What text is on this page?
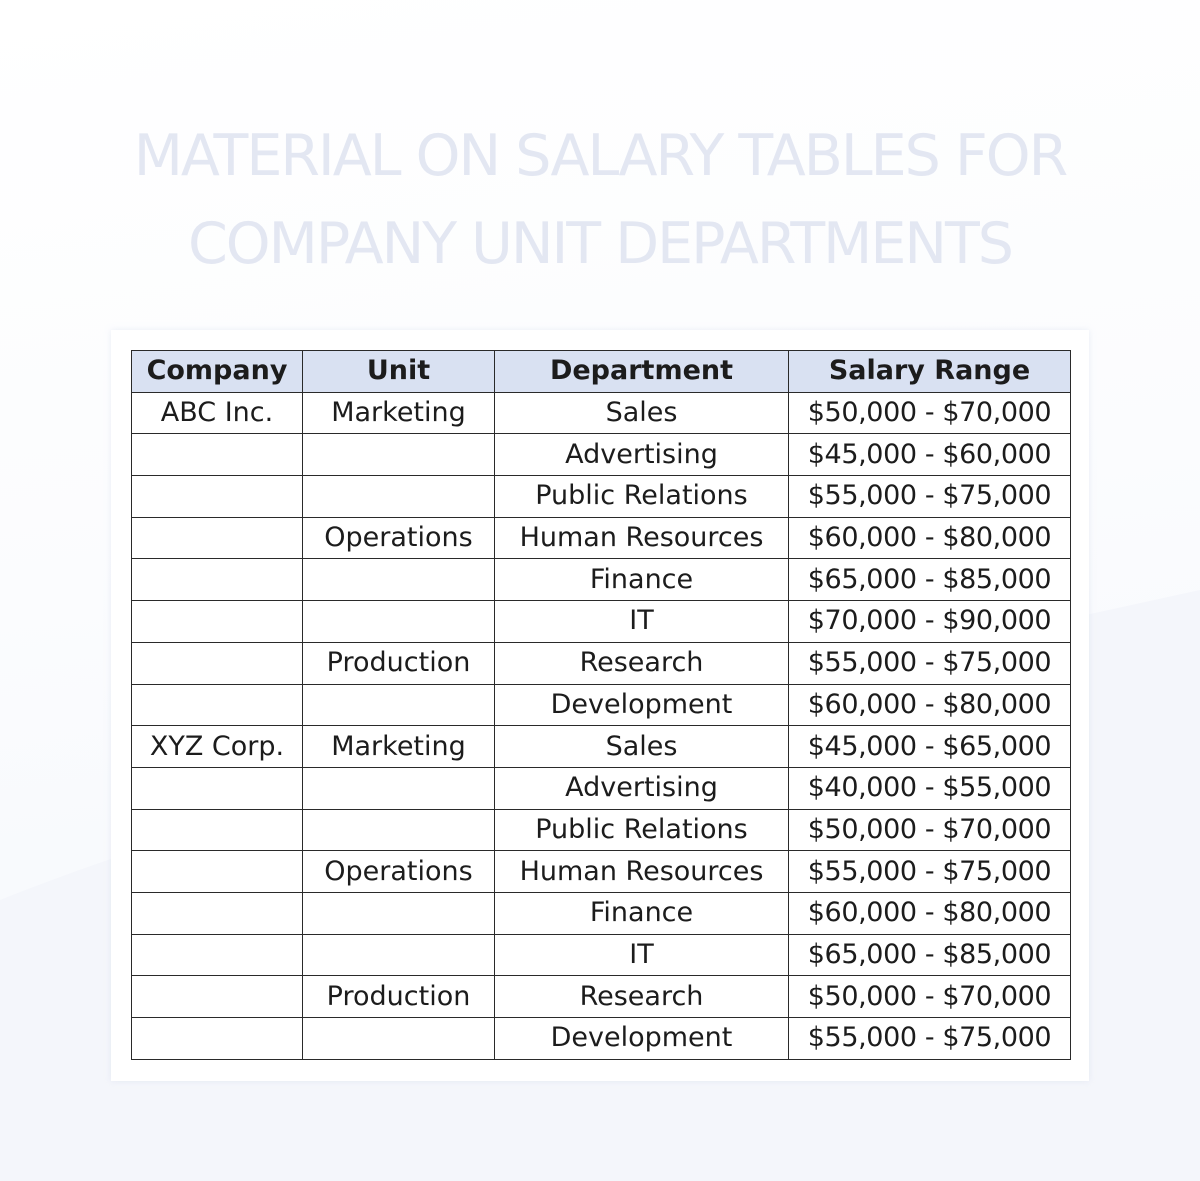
MATERIAL ON SALARY TABLES FOR
COMPANY UNIT DEPARTMENTS
Company	Unit	Department	Salary Range
ABC Inc.	Marketing	Sales	$50,000 - $70,000
		Advertising	$45,000 - $60,000
		Public Relations	$55,000 - $75,000
	Operations	Human Resources	$60,000 - $80,000
		Finance	$65,000 - $85,000
		IT	$70,000 - $90,000
	Production	Research	$55,000 - $75,000
		Development	$60,000 - $80,000
XYZ Corp.	Marketing	Sales	$45,000 - $65,000
		Advertising	$40,000 - $55,000
		Public Relations	$50,000 - $70,000
	Operations	Human Resources	$55,000 - $75,000
		Finance	$60,000 - $80,000
		IT	$65,000 - $85,000
	Production	Research	$50,000 - $70,000
		Development	$55,000 - $75,000
